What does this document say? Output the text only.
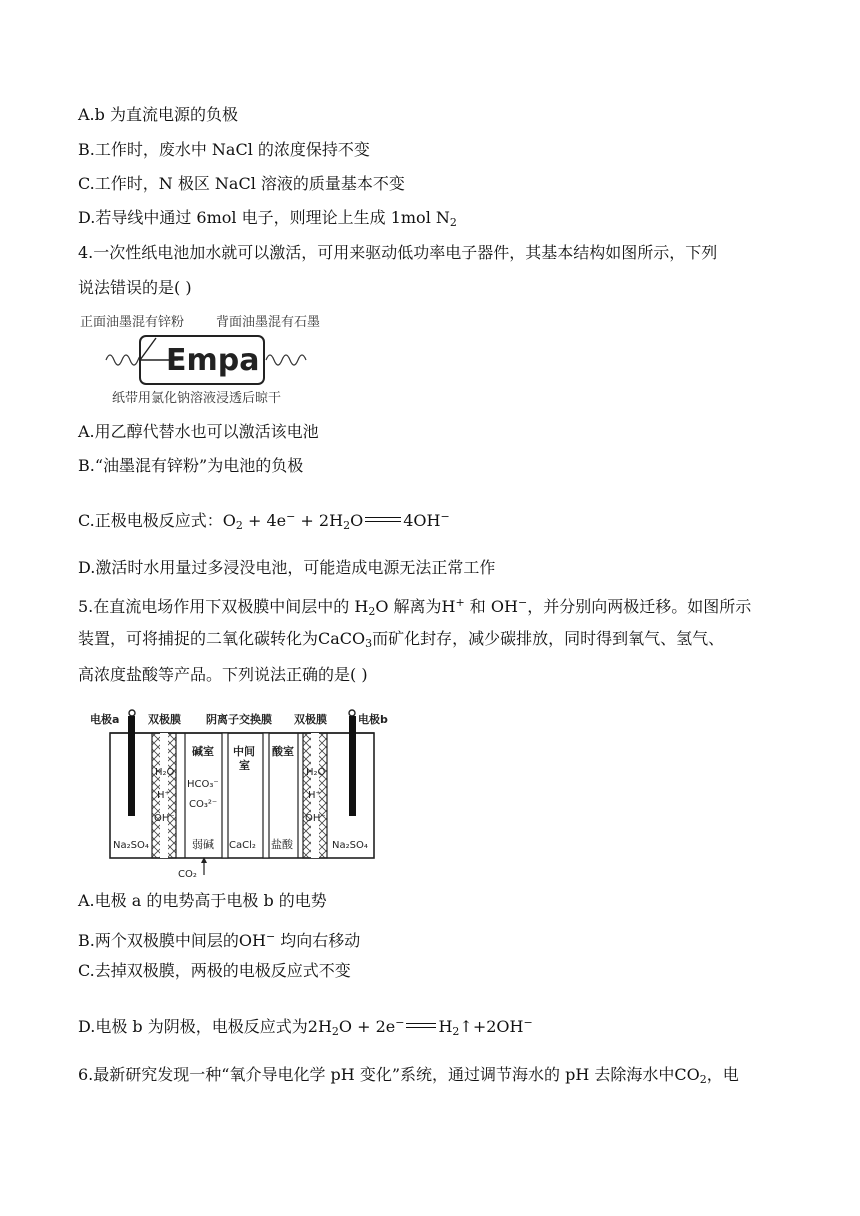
A.b 为直流电源的负极
B.工作时，废水中 NaCl 的浓度保持不变
C.工作时，N 极区 NaCl 溶液的质量基本不变
D.若导线中通过 6mol 电子，则理论上生成 1mol $N_2$
4.一次性纸电池加水就可以激活，可用来驱动低功率电子器件，其基本结构如图所示，下列
说法错误的是( )
正面油墨混有锌粉 背面油墨混有石墨
Empa
纸带用氯化钠溶液浸透后晾干
A.用乙醇代替水也可以激活该电池
B.“油墨混有锌粉”为电池的负极
C.正极电极反应式：$O_2 + 4e^- + 2H_2O$	4OH−
D.激活时水用量过多浸没电池，可能造成电源无法正常工作
5.在直流电场作用下双极膜中间层中的 $H_2O$ 解离为H+ 和 OH−，并分别向两极迁移。如图所示
装置，可将捕捉的二氧化碳转化为CaCO$_3$而矿化封存，减少碳排放，同时得到氧气、氢气、
高浓度盐酸等产品。下列说法正确的是( )
电极a	双极膜 阴离子交换膜 双极膜	电极b
H₂O
H⁺
OH⁻
H₂O
H⁺
OH⁻
碱室
HCO₃⁻
CO₃²⁻
中间
室
酸室
Na₂SO₄	弱碱 CaCl₂ 盐酸	Na₂SO₄
CO₂
A.电极 a 的电势高于电极 b 的电势
B.两个双极膜中间层的OH− 均向右移动
C.去掉双极膜，两极的电极反应式不变
D.电极 b 为阴极，电极反应式为$2H_2O + 2e^-$ $H_2↑+2OH^-$
6.最新研究发现一种“氧介导电化学 pH 变化”系统，通过调节海水的 pH 去除海水中$CO_2$，电
